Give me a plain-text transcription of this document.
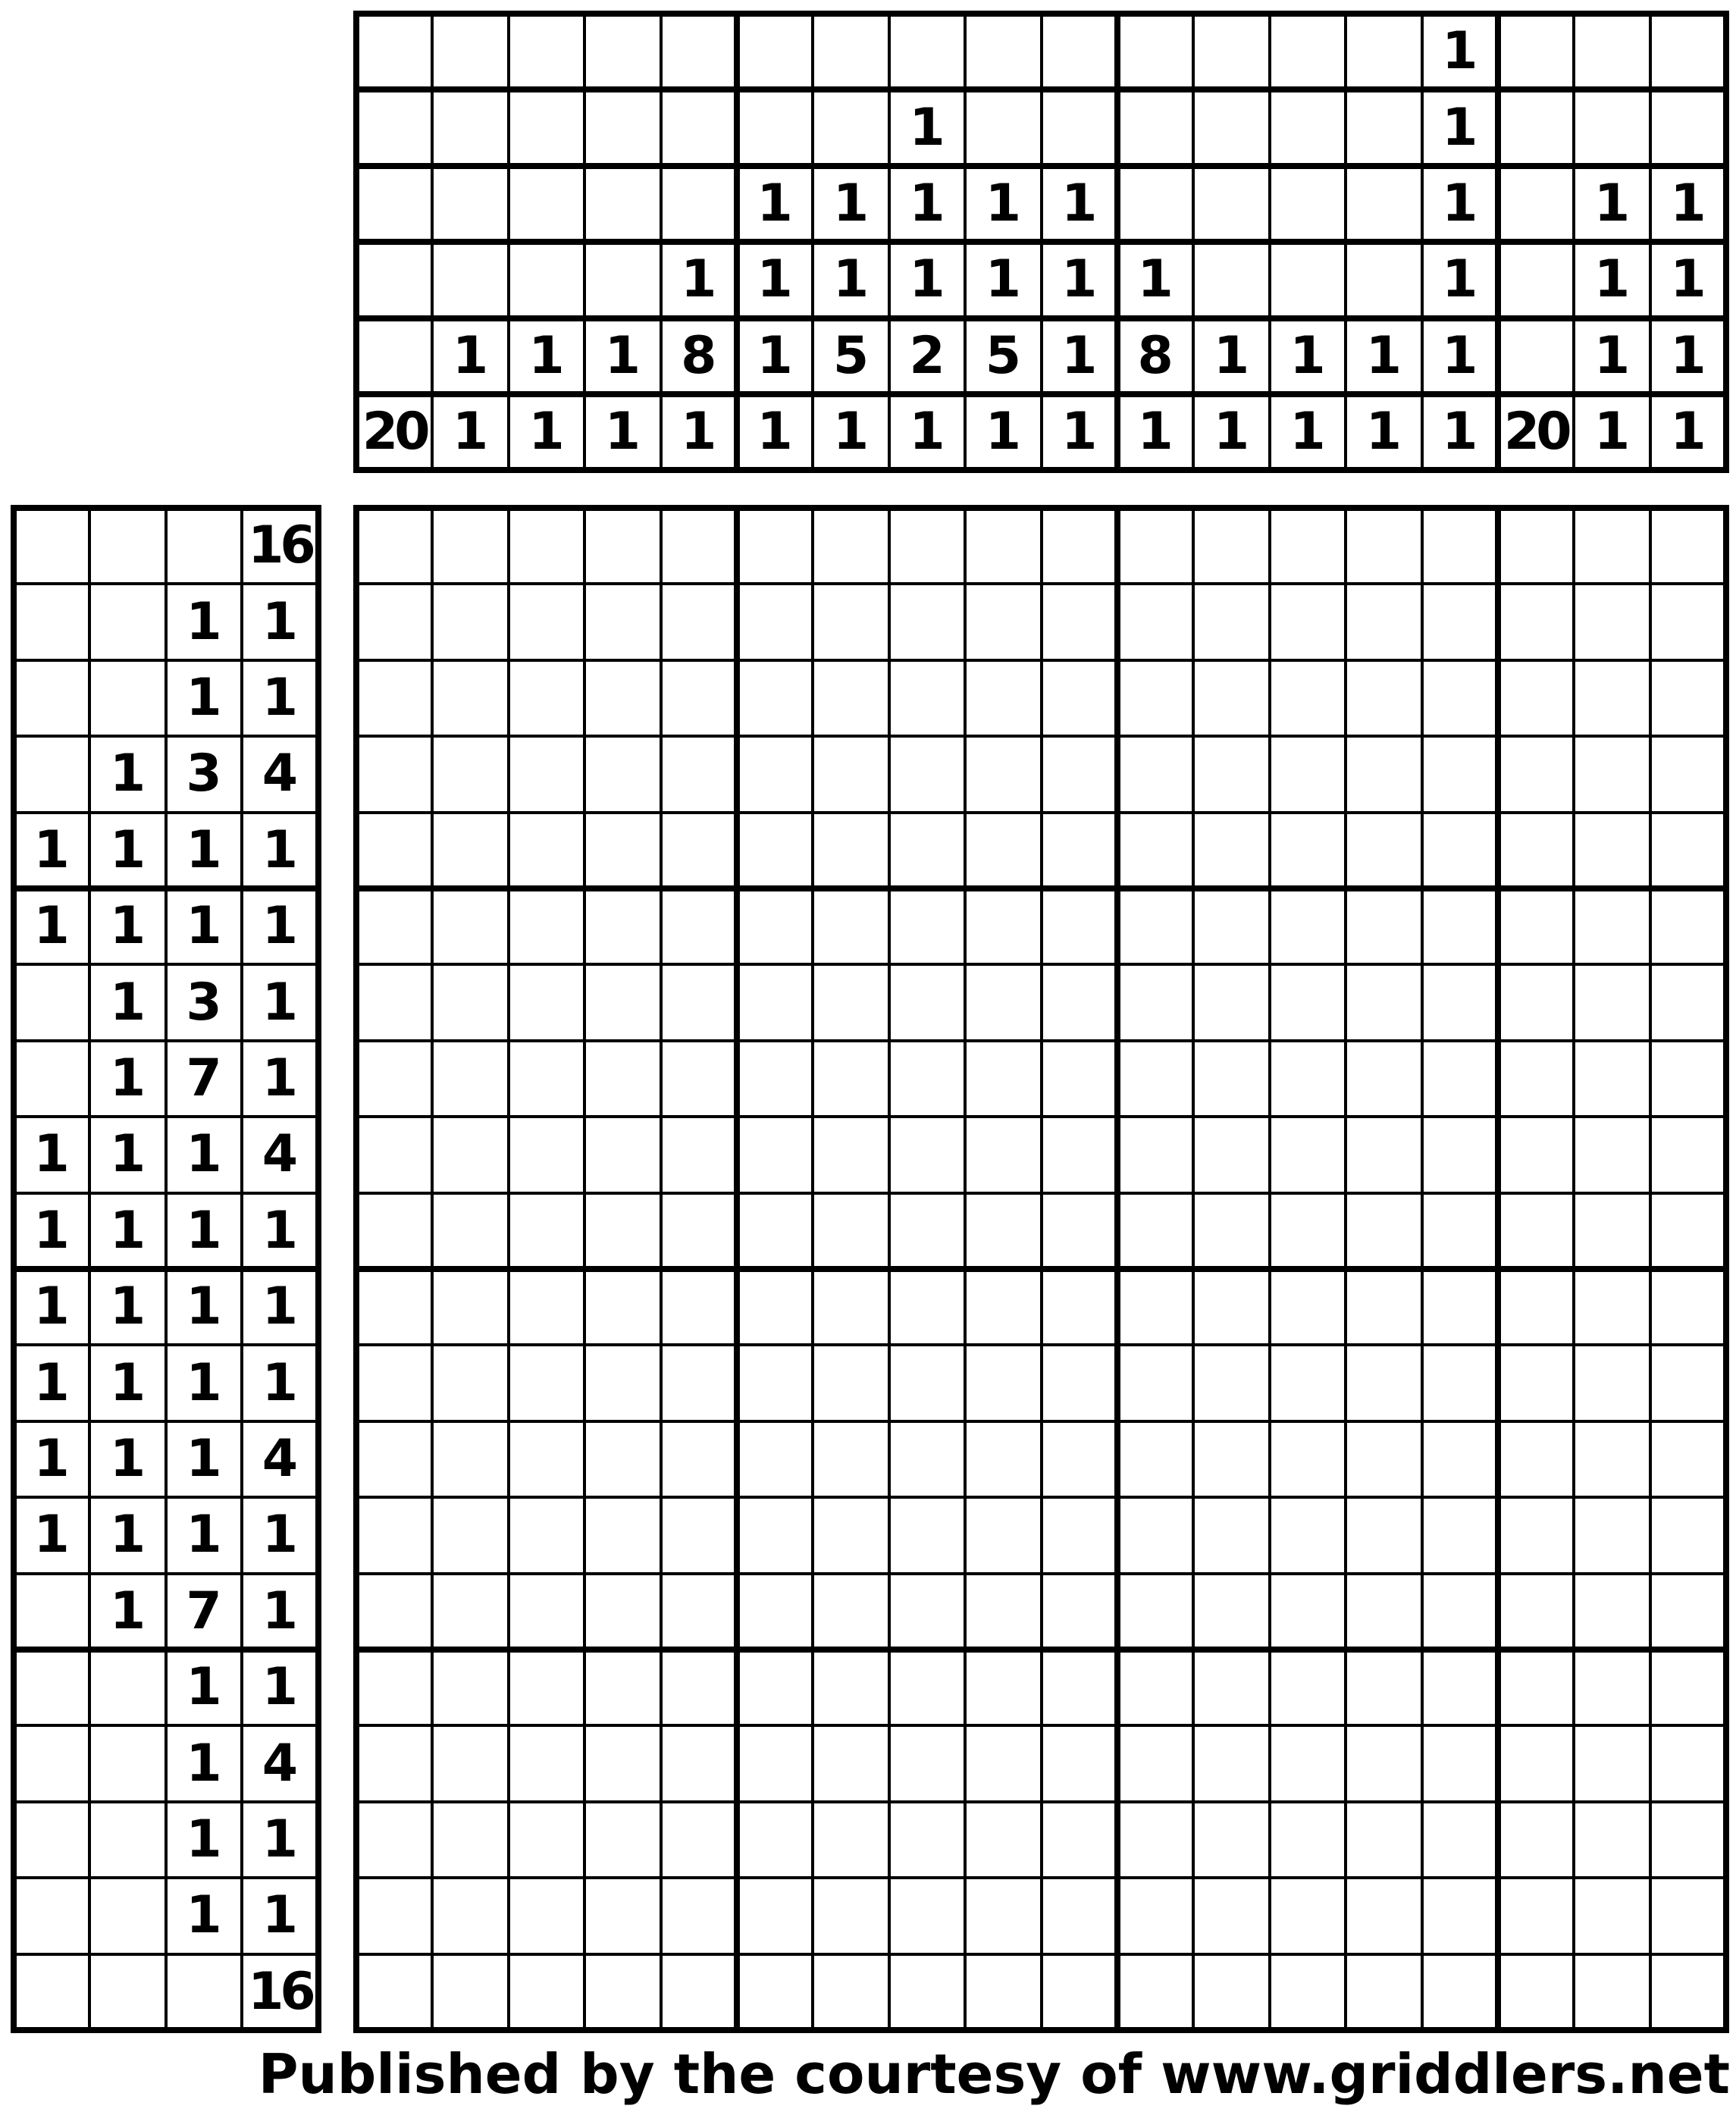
20
1
1
1
1
1
1
1
8
1
1
1
1
1
1
1
5
1
1
1
1
2
1
1
1
5
1
1
1
1
1
1
8
1
1
1
1
1
1
1
1
1
1
1
1
1 20
1
1
1
1
1
1
1
1
16
1 1
1 1
1 3 4
1 1 1 1
1 1 1 1
1 3 1
1 7 1
1 1 1 4
1 1 1 1
1 1 1 1
1 1 1 1
1 1 1 4
1 1 1 1
1 7 1
1 1
1 4
1 1
1 1
16
Published by the courtesy of www.griddlers.net
